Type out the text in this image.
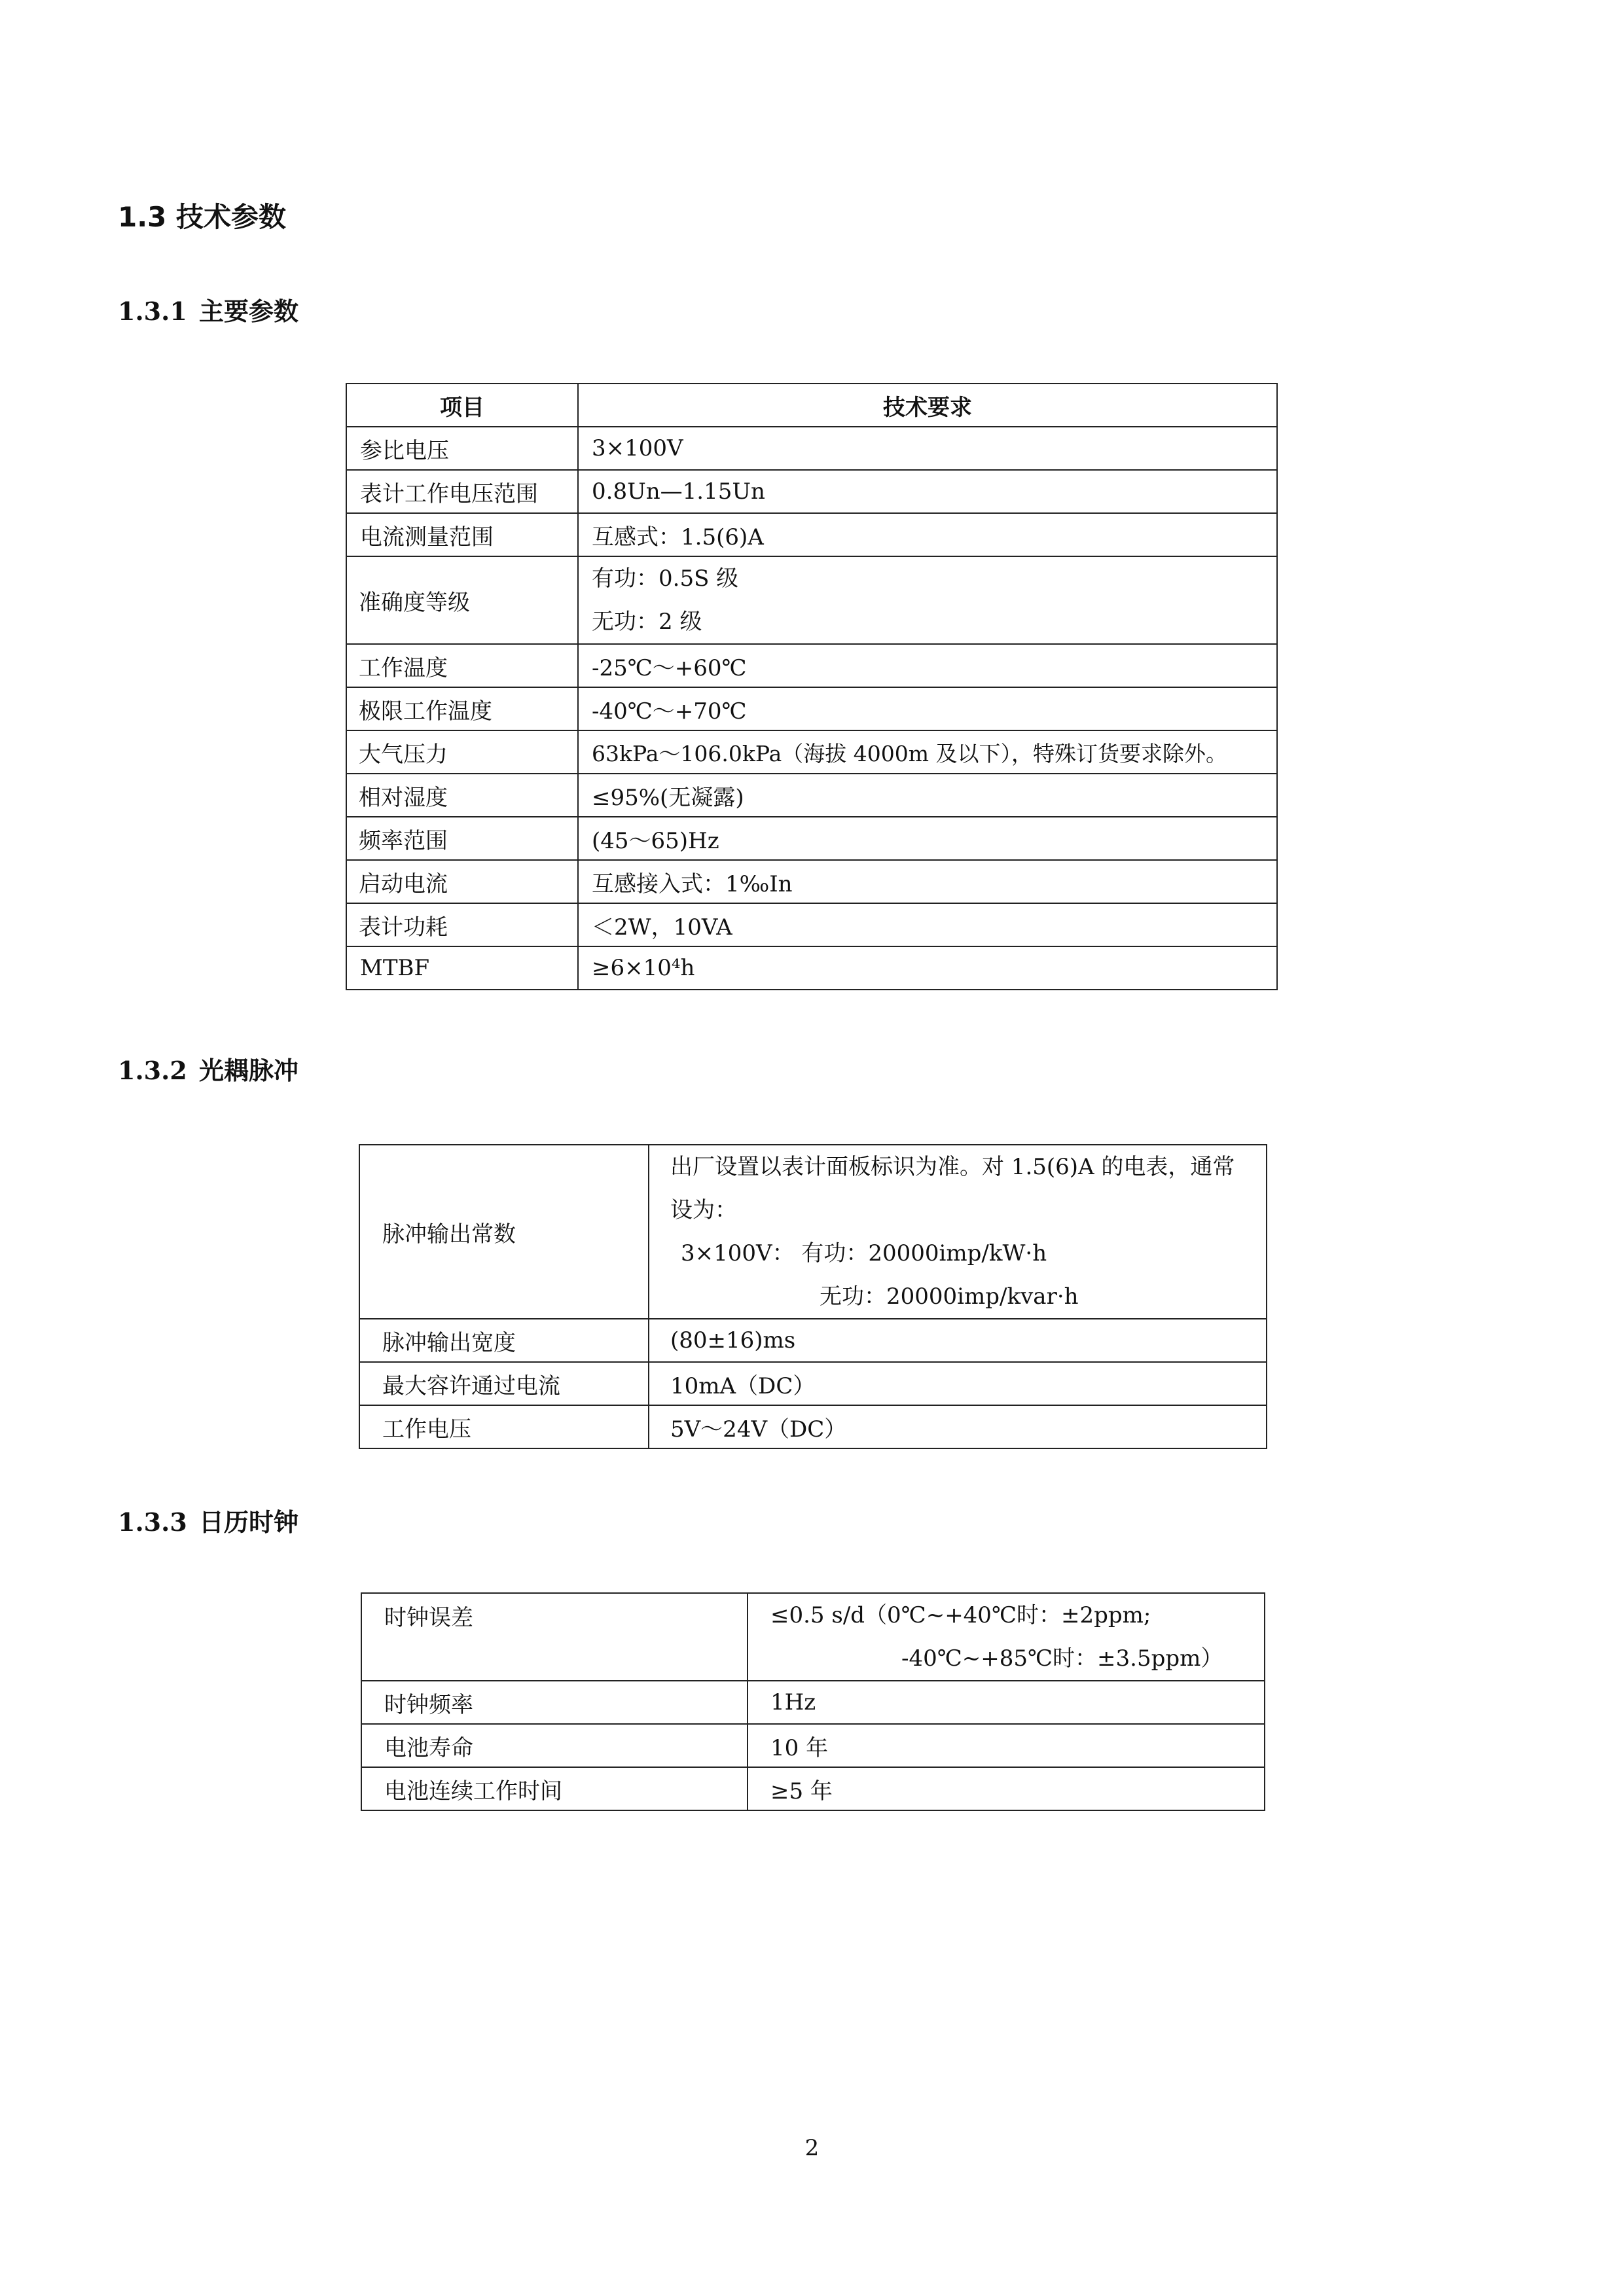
1.3 技术参数
1.3.1 主要参数
项目	技术要求
参比电压	3×100V
表计工作电压范围	0.8Un—1.15Un
电流测量范围	互感式：1.5(6)A
准确度等级	有功：0.5S 级
无功：2 级

工作温度	-25℃～+60℃
极限工作温度	-40℃～+70℃
大气压力	63kPa～106.0kPa（海拔 4000m 及以下），特殊订货要求除外。
相对湿度	≤95%(无凝露)
频率范围	(45～65)Hz
启动电流	互感接入式：1‰In
表计功耗	＜2W，10VA
MTBF	≥6×10⁴h
1.3.2 光耦脉冲
脉冲输出常数	出厂设置以表计面板标识为准。对 1.5(6)A 的电表，通常
设为：
3×100V： 有功：20000imp/kW·h
无功：20000imp/kvar·h

脉冲输出宽度	(80±16)ms
最大容许通过电流	10mA（DC）
工作电压	5V～24V（DC）
1.3.3 日历时钟
时钟误差	≤0.5 s/d（0℃~+40℃时：±2ppm;
-40℃~+85℃时：±3.5ppm）

时钟频率	1Hz
电池寿命	10 年
电池连续工作时间	≥5 年
2
